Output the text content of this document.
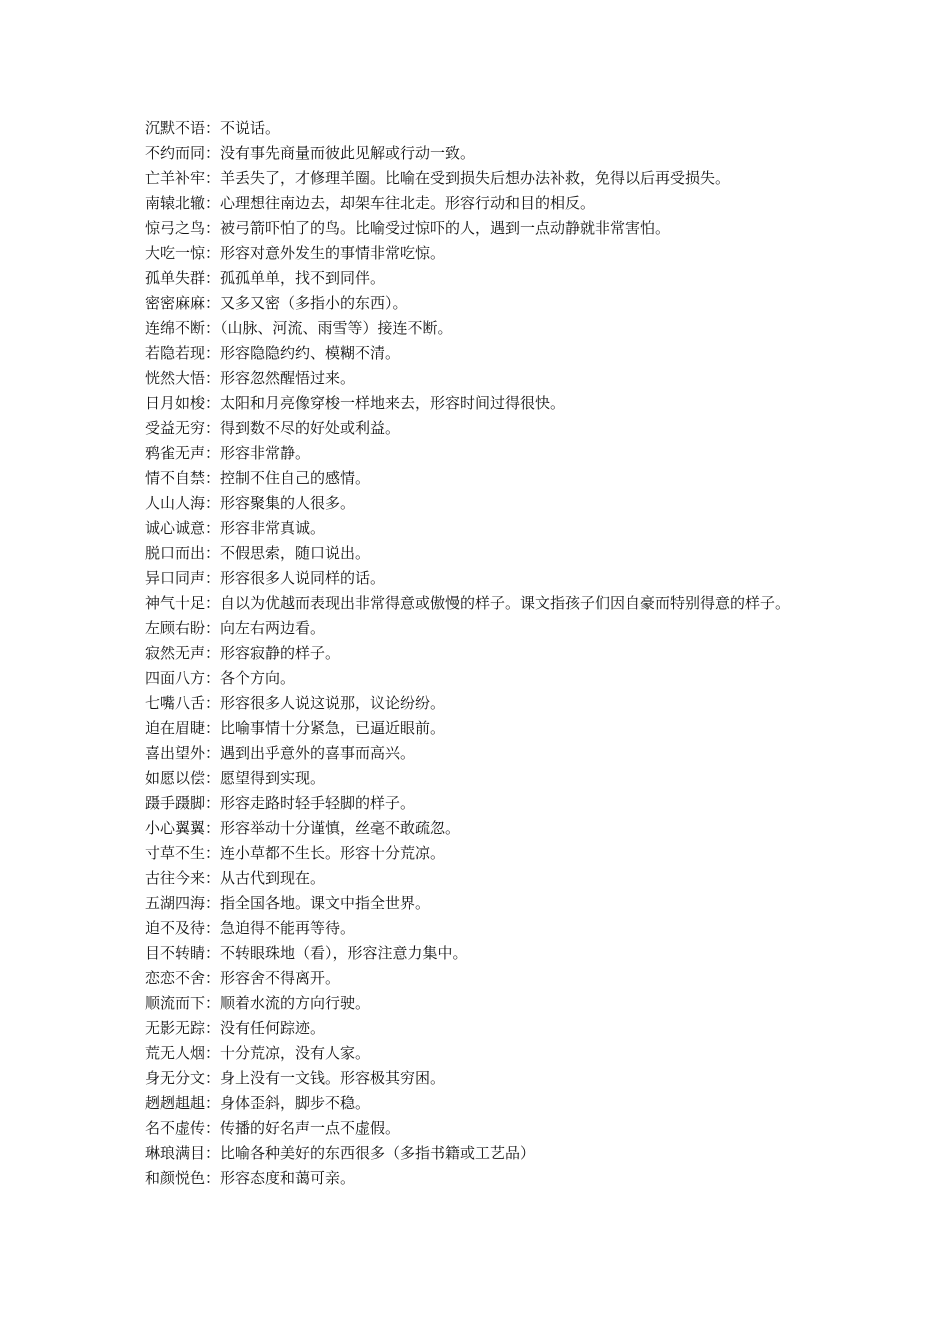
沉默不语：不说话。
不约而同：没有事先商量而彼此见解或行动一致。
亡羊补牢：羊丢失了，才修理羊圈。比喻在受到损失后想办法补救，免得以后再受损失。
南辕北辙：心理想往南边去，却架车往北走。形容行动和目的相反。
惊弓之鸟：被弓箭吓怕了的鸟。比喻受过惊吓的人，遇到一点动静就非常害怕。
大吃一惊：形容对意外发生的事情非常吃惊。
孤单失群：孤孤单单，找不到同伴。
密密麻麻：又多又密（多指小的东西）。
连绵不断：（山脉、河流、雨雪等）接连不断。
若隐若现：形容隐隐约约、模糊不清。
恍然大悟：形容忽然醒悟过来。
日月如梭：太阳和月亮像穿梭一样地来去，形容时间过得很快。
受益无穷：得到数不尽的好处或利益。
鸦雀无声：形容非常静。
情不自禁：控制不住自己的感情。
人山人海：形容聚集的人很多。
诚心诚意：形容非常真诚。
脱口而出：不假思索，随口说出。
异口同声：形容很多人说同样的话。
神气十足：自以为优越而表现出非常得意或傲慢的样子。课文指孩子们因自豪而特别得意的样子。
左顾右盼：向左右两边看。
寂然无声：形容寂静的样子。
四面八方：各个方向。
七嘴八舌：形容很多人说这说那，议论纷纷。
迫在眉睫：比喻事情十分紧急，已逼近眼前。
喜出望外：遇到出乎意外的喜事而高兴。
如愿以偿：愿望得到实现。
蹑手蹑脚：形容走路时轻手轻脚的样子。
小心翼翼：形容举动十分谨慎，丝毫不敢疏忽。
寸草不生：连小草都不生长。形容十分荒凉。
古往今来：从古代到现在。
五湖四海：指全国各地。课文中指全世界。
迫不及待：急迫得不能再等待。
目不转睛：不转眼珠地（看），形容注意力集中。
恋恋不舍：形容舍不得离开。
顺流而下：顺着水流的方向行驶。
无影无踪：没有任何踪迹。
荒无人烟：十分荒凉，没有人家。
身无分文：身上没有一文钱。形容极其穷困。
趔趔趄趄：身体歪斜，脚步不稳。
名不虚传：传播的好名声一点不虚假。
琳琅满目：比喻各种美好的东西很多（多指书籍或工艺品）
和颜悦色：形容态度和蔼可亲。
